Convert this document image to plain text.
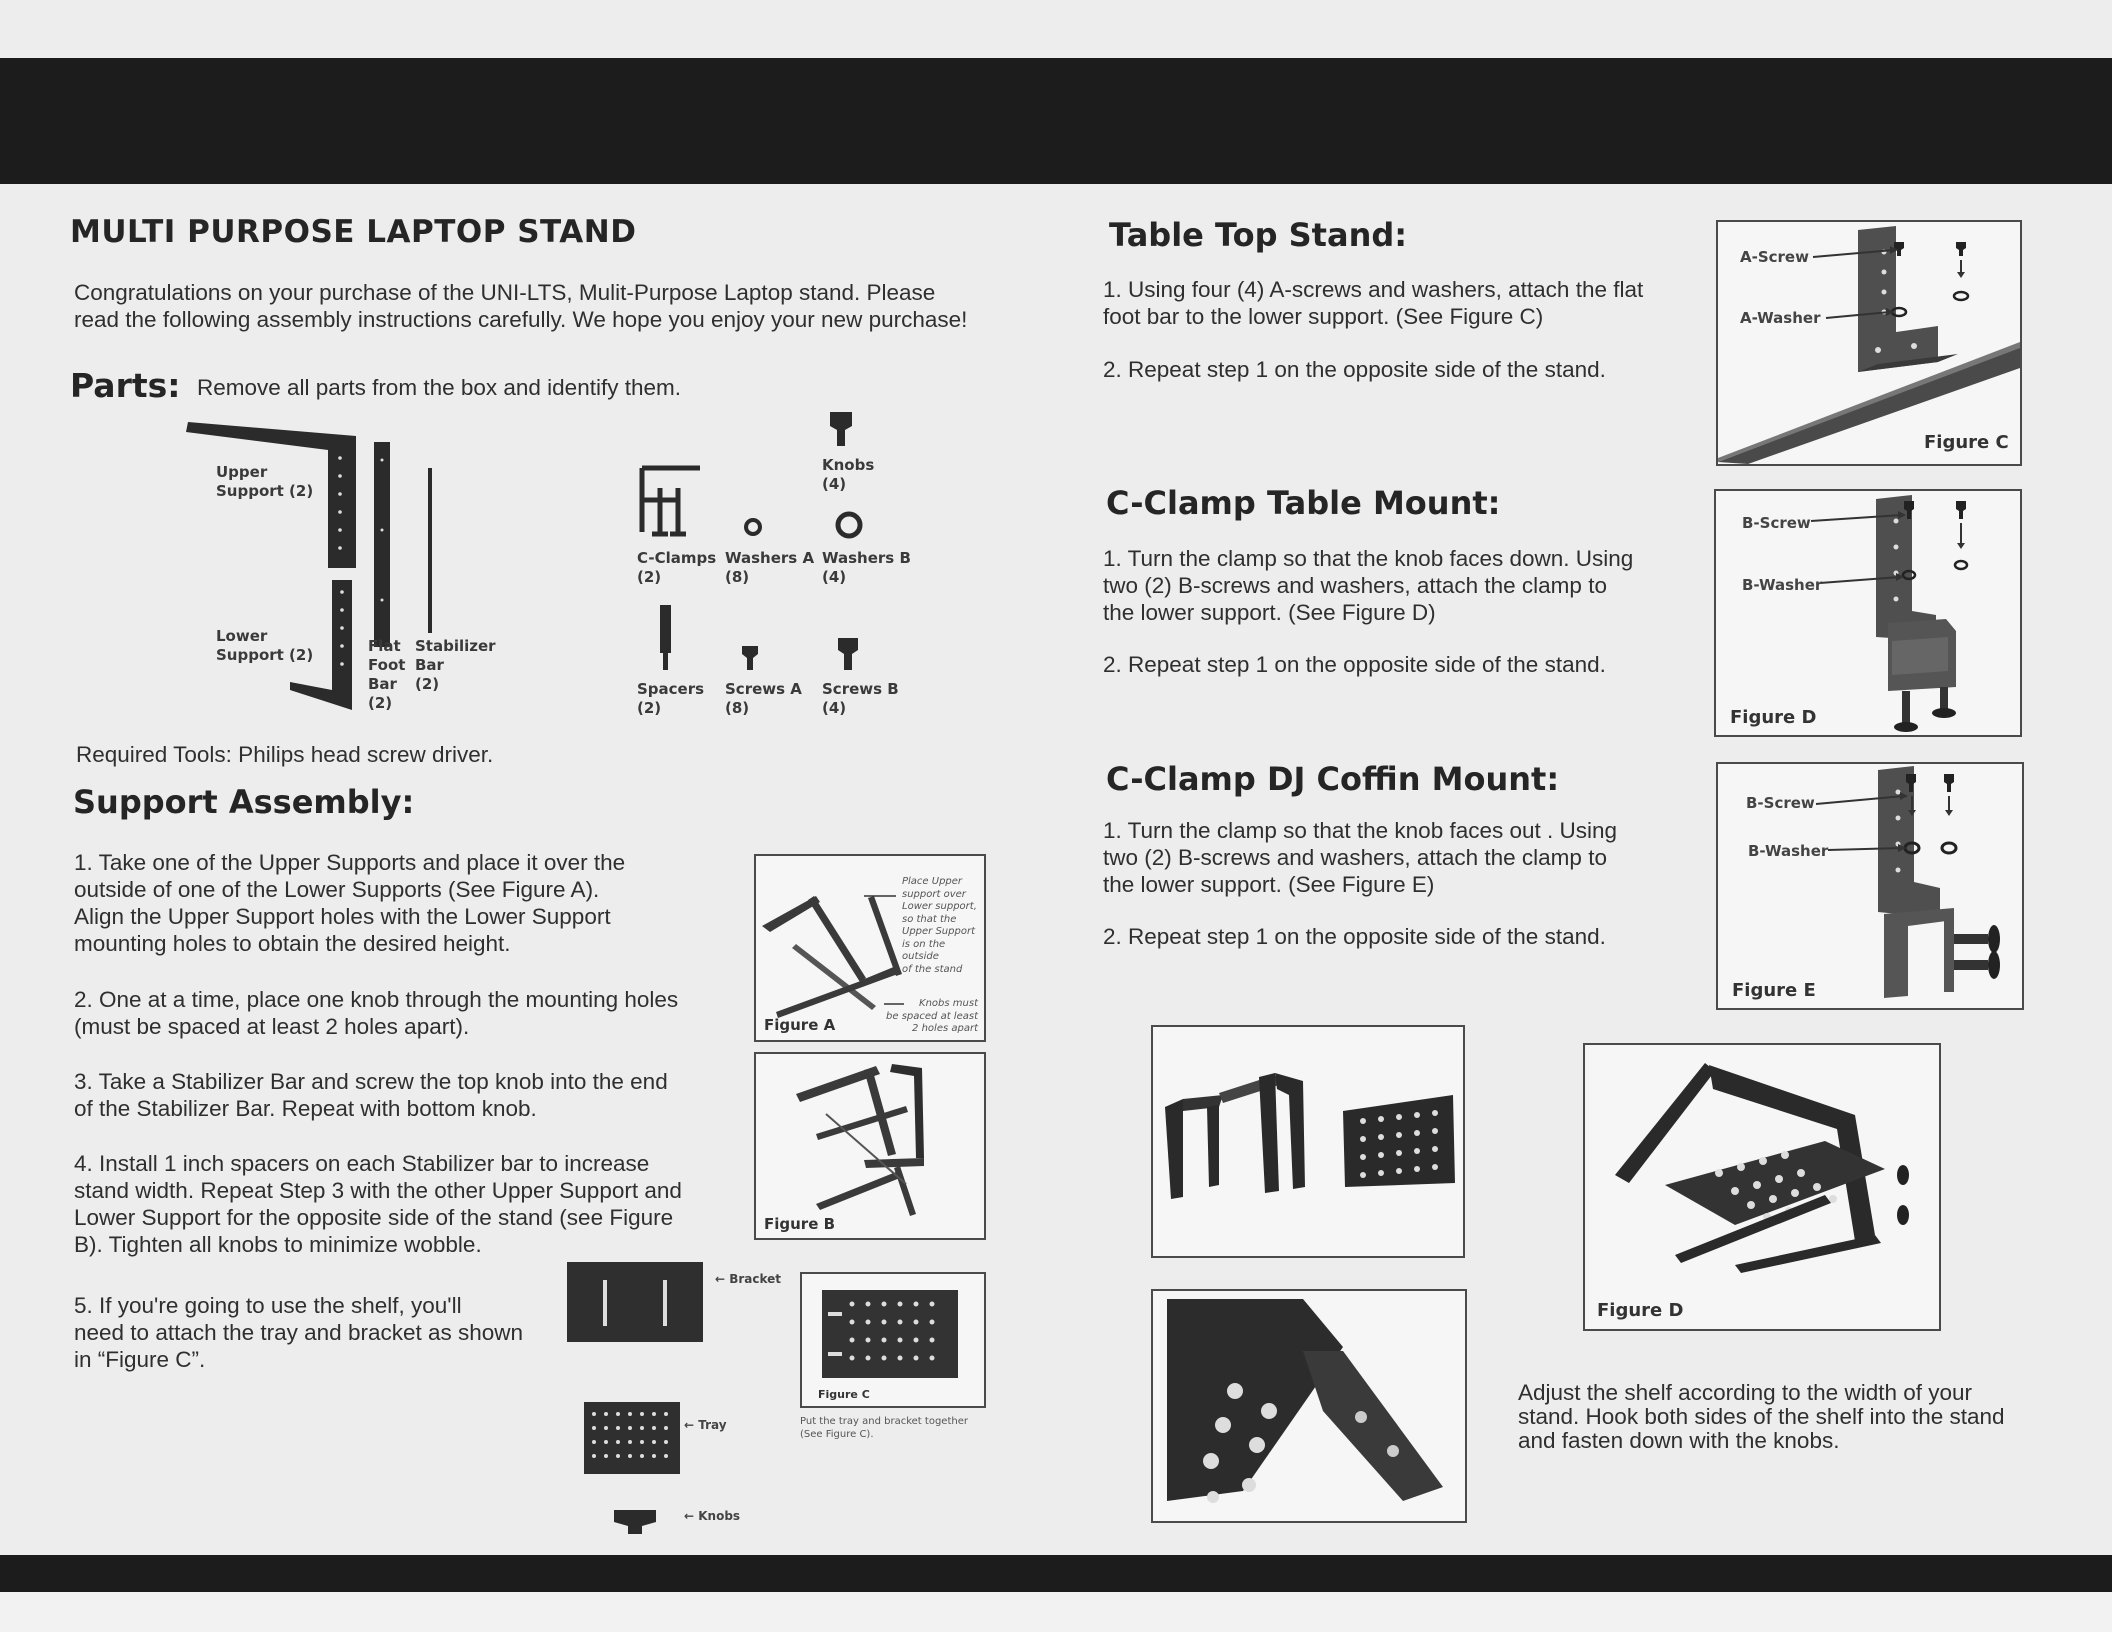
MULTI PURPOSE LAPTOP STAND
Congratulations on your purchase of the UNI-LTS, Mulit-Purpose Laptop stand. Please
read the following assembly instructions carefully. We hope you enjoy your new purchase!
Parts: Remove all parts from the box and identify them.
Upper
Support (2)
Lower
Support (2)	Flat
Foot
Bar
(2)
Stabilizer
Bar
(2)
Knobs
(4)
C-Clamps
(2)
Washers A
(8)
Washers B
(4)
Spacers
(2)
Screws A
(8)
Screws B
(4)
Required Tools: Philips head screw driver.
Support Assembly:
1. Take one of the Upper Supports and place it over the
outside of one of the Lower Supports (See Figure A).
Align the Upper Support holes with the Lower Support
mounting holes to obtain the desired height.
2. One at a time, place one knob through the mounting holes
(must be spaced at least 2 holes apart).
3. Take a Stabilizer Bar and screw the top knob into the end
of the Stabilizer Bar. Repeat with bottom knob.
4. Install 1 inch spacers on each Stabilizer bar to increase
stand width. Repeat Step 3 with the other Upper Support and
Lower Support for the opposite side of the stand (see Figure
B). Tighten all knobs to minimize wobble.
5. If you're going to use the shelf, you'll
need to attach the tray and bracket as shown
in “Figure C”.
Place Upper
support over
Lower support,
so that the
Upper Support
is on the
outside
of the stand
Knobs must
be spaced at least
2 holes apart
Figure A
Figure B
← Bracket
← Tray
← Knobs
Figure C
Put the tray and bracket together
(See Figure C).
Table Top Stand:
1. Using four (4) A-screws and washers, attach the flat
foot bar to the lower support. (See Figure C)
2. Repeat step 1 on the opposite side of the stand.
A-Screw
A-Washer
Figure C
C-Clamp Table Mount:
1. Turn the clamp so that the knob faces down. Using
two (2) B-screws and washers, attach the clamp to
the lower support. (See Figure D)
2. Repeat step 1 on the opposite side of the stand.
B-Screw
B-Washer
Figure D
C-Clamp DJ Coffin Mount:
1. Turn the clamp so that the knob faces out . Using
two (2) B-screws and washers, attach the clamp to
the lower support. (See Figure E)
2. Repeat step 1 on the opposite side of the stand.
B-Screw
B-Washer
Figure E
Figure D
Adjust the shelf according to the width of your
stand. Hook both sides of the shelf into the stand
and fasten down with the knobs.
